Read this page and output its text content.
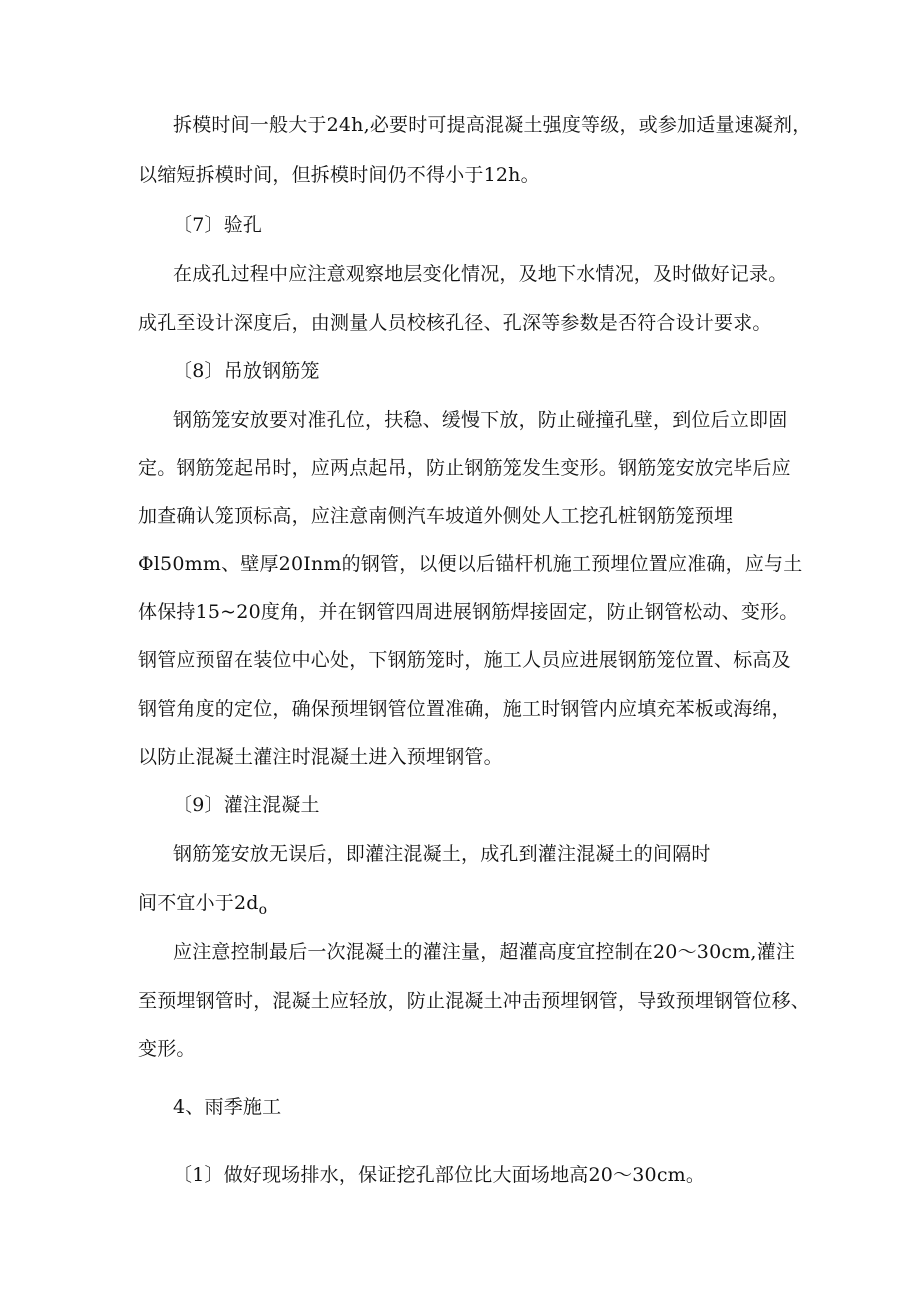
拆模时间一般大于24h,必要时可提高混凝土强度等级，或参加适量速凝剂，
以缩短拆模时间，但拆模时间仍不得小于12h。
〔7〕验孔
在成孔过程中应注意观察地层变化情况，及地下水情况，及时做好记录。
成孔至设计深度后，由测量人员校核孔径、孔深等参数是否符合设计要求。
〔8〕吊放钢筋笼
钢筋笼安放要对准孔位，扶稳、缓慢下放，防止碰撞孔壁，到位后立即固
定。钢筋笼起吊时，应两点起吊，防止钢筋笼发生变形。钢筋笼安放完毕后应
加查确认笼顶标高，应注意南侧汽车坡道外侧处人工挖孔桩钢筋笼预埋
Φl50mm、壁厚20Inm的钢管，以便以后锚杆机施工预埋位置应准确，应与土
体保持15~20度角，并在钢管四周进展钢筋焊接固定，防止钢管松动、变形。
钢管应预留在装位中心处，下钢筋笼时，施工人员应进展钢筋笼位置、标高及
钢管角度的定位，确保预埋钢管位置准确，施工时钢管内应填充苯板或海绵，
以防止混凝土灌注时混凝土进入预埋钢管。
〔9〕灌注混凝土
钢筋笼安放无误后，即灌注混凝土，成孔到灌注混凝土的间隔时
间不宜小于$2d_o$
应注意控制最后一次混凝土的灌注量，超灌高度宜控制在20～30cm,灌注
至预埋钢管时，混凝土应轻放，防止混凝土冲击预埋钢管，导致预埋钢管位移、
变形。
4、雨季施工
〔1〕做好现场排水，保证挖孔部位比大面场地高20～30cm。
